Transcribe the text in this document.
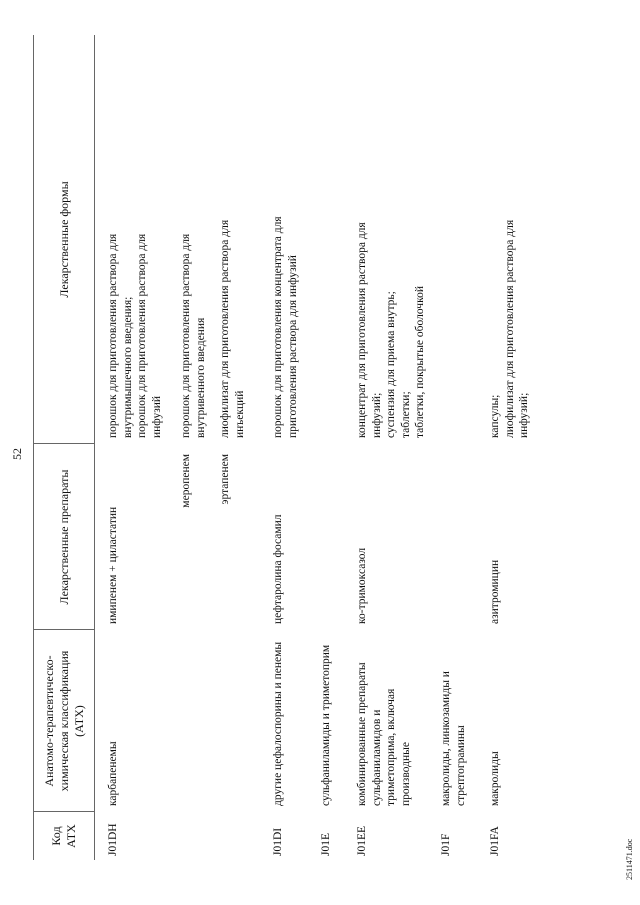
52
Код АТХ
Анатомо-терапевтическо-химическая классификация (АТХ)
Лекарственные препараты
Лекарственные формы
J01DH
карбапенемы
имипенем + циластатин
порошок для приготовления раствора для внутримышечного введения;
порошок для приготовления раствора для инфузий
меропенем
порошок для приготовления раствора для внутривенного введения
эртапенем
лиофилизат для приготовления раствора для инъекций
J01DI
другие цефалоспорины и пенемы
цефтаролина фосамил
порошок для приготовления концентрата для приготовления раствора для инфузий
J01E
сульфаниламиды и триметоприм
J01EE
комбинированные препараты сульфаниламидов и триметоприма, включая производные
ко-тримоксазол
концентрат для приготовления раствора для инфузий;
суспензия для приема внутрь;
таблетки;
таблетки, покрытые оболочкой
J01F
макролиды, линкозамиды и стрептограмины
J01FA
макролиды
азитромицин
капсулы;
лиофилизат для приготовления раствора для инфузий;
2511471.doc
